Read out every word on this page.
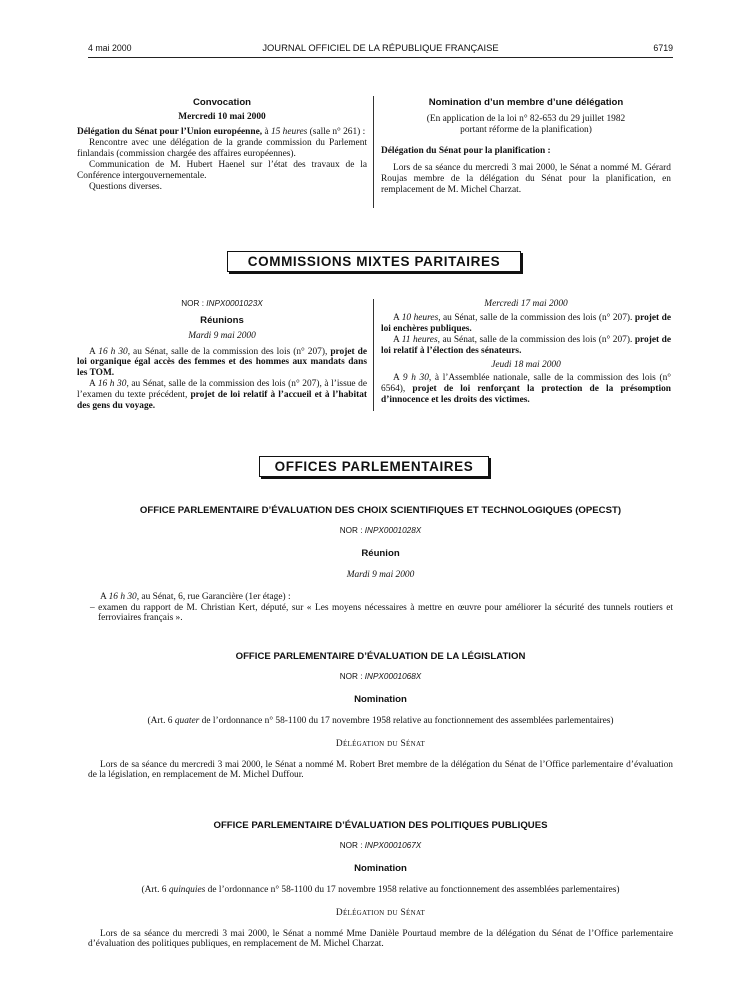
4 mai 2000	JOURNAL OFFICIEL DE LA RÉPUBLIQUE FRANÇAISE	6719

Convocation

Mercredi 10 mai 2000

Délégation du Sénat pour l’Union européenne, à 15 heures (salle n° 261) :

Rencontre avec une délégation de la grande commission du Parlement finlandais (commission chargée des affaires européennes).

Communication de M. Hubert Haenel sur l’état des travaux de la Conférence intergouvernementale.

Questions diverses.

Nomination d’un membre d’une délégation

(En application de la loi n° 82-653 du 29 juillet 1982

portant réforme de la planification)

Délégation du Sénat pour la planification :

Lors de sa séance du mercredi 3 mai 2000, le Sénat a nommé M. Gérard Roujas membre de la délégation du Sénat pour la planification, en remplacement de M. Michel Charzat.

COMMISSIONS MIXTES PARITAIRES

NOR : INPX0001023X

Réunions

Mardi 9 mai 2000

A 16 h 30, au Sénat, salle de la commission des lois (n° 207), projet de loi organique égal accès des femmes et des hommes aux mandats dans les TOM.

A 16 h 30, au Sénat, salle de la commission des lois (n° 207), à l’issue de l’examen du texte précédent, projet de loi relatif à l’accueil et à l’habitat des gens du voyage.

Mercredi 17 mai 2000

A 10 heures, au Sénat, salle de la commission des lois (n° 207). projet de loi enchères publiques.

A 11 heures, au Sénat, salle de la commission des lois (n° 207). projet de loi relatif à l’élection des sénateurs.

Jeudi 18 mai 2000

A 9 h 30, à l’Assemblée nationale, salle de la commission des lois (n° 6564), projet de loi renforçant la protection de la présomption d’innocence et les droits des victimes.

OFFICES PARLEMENTAIRES

OFFICE PARLEMENTAIRE D’ÉVALUATION DES CHOIX SCIENTIFIQUES ET TECHNOLOGIQUES (OPECST)

NOR : INPX0001028X

Réunion

Mardi 9 mai 2000

A 16 h 30, au Sénat, 6, rue Garancière (1er étage) :

– examen du rapport de M. Christian Kert, député, sur « Les moyens nécessaires à mettre en œuvre pour améliorer la sécurité des tunnels routiers et ferroviaires français ».

OFFICE PARLEMENTAIRE D’ÉVALUATION DE LA LÉGISLATION

NOR : INPX0001068X

Nomination

(Art. 6 quater de l’ordonnance n° 58-1100 du 17 novembre 1958 relative au fonctionnement des assemblées parlementaires)

Délégation du Sénat

Lors de sa séance du mercredi 3 mai 2000, le Sénat a nommé M. Robert Bret membre de la délégation du Sénat de l’Office parlementaire d’évaluation de la législation, en remplacement de M. Michel Duffour.

OFFICE PARLEMENTAIRE D’ÉVALUATION DES POLITIQUES PUBLIQUES

NOR : INPX0001067X

Nomination

(Art. 6 quinquies de l’ordonnance n° 58-1100 du 17 novembre 1958 relative au fonctionnement des assemblées parlementaires)

Délégation du Sénat

Lors de sa séance du mercredi 3 mai 2000, le Sénat a nommé Mme Danièle Pourtaud membre de la délégation du Sénat de l’Office parlementaire d’évaluation des politiques publiques, en remplacement de M. Michel Charzat.
